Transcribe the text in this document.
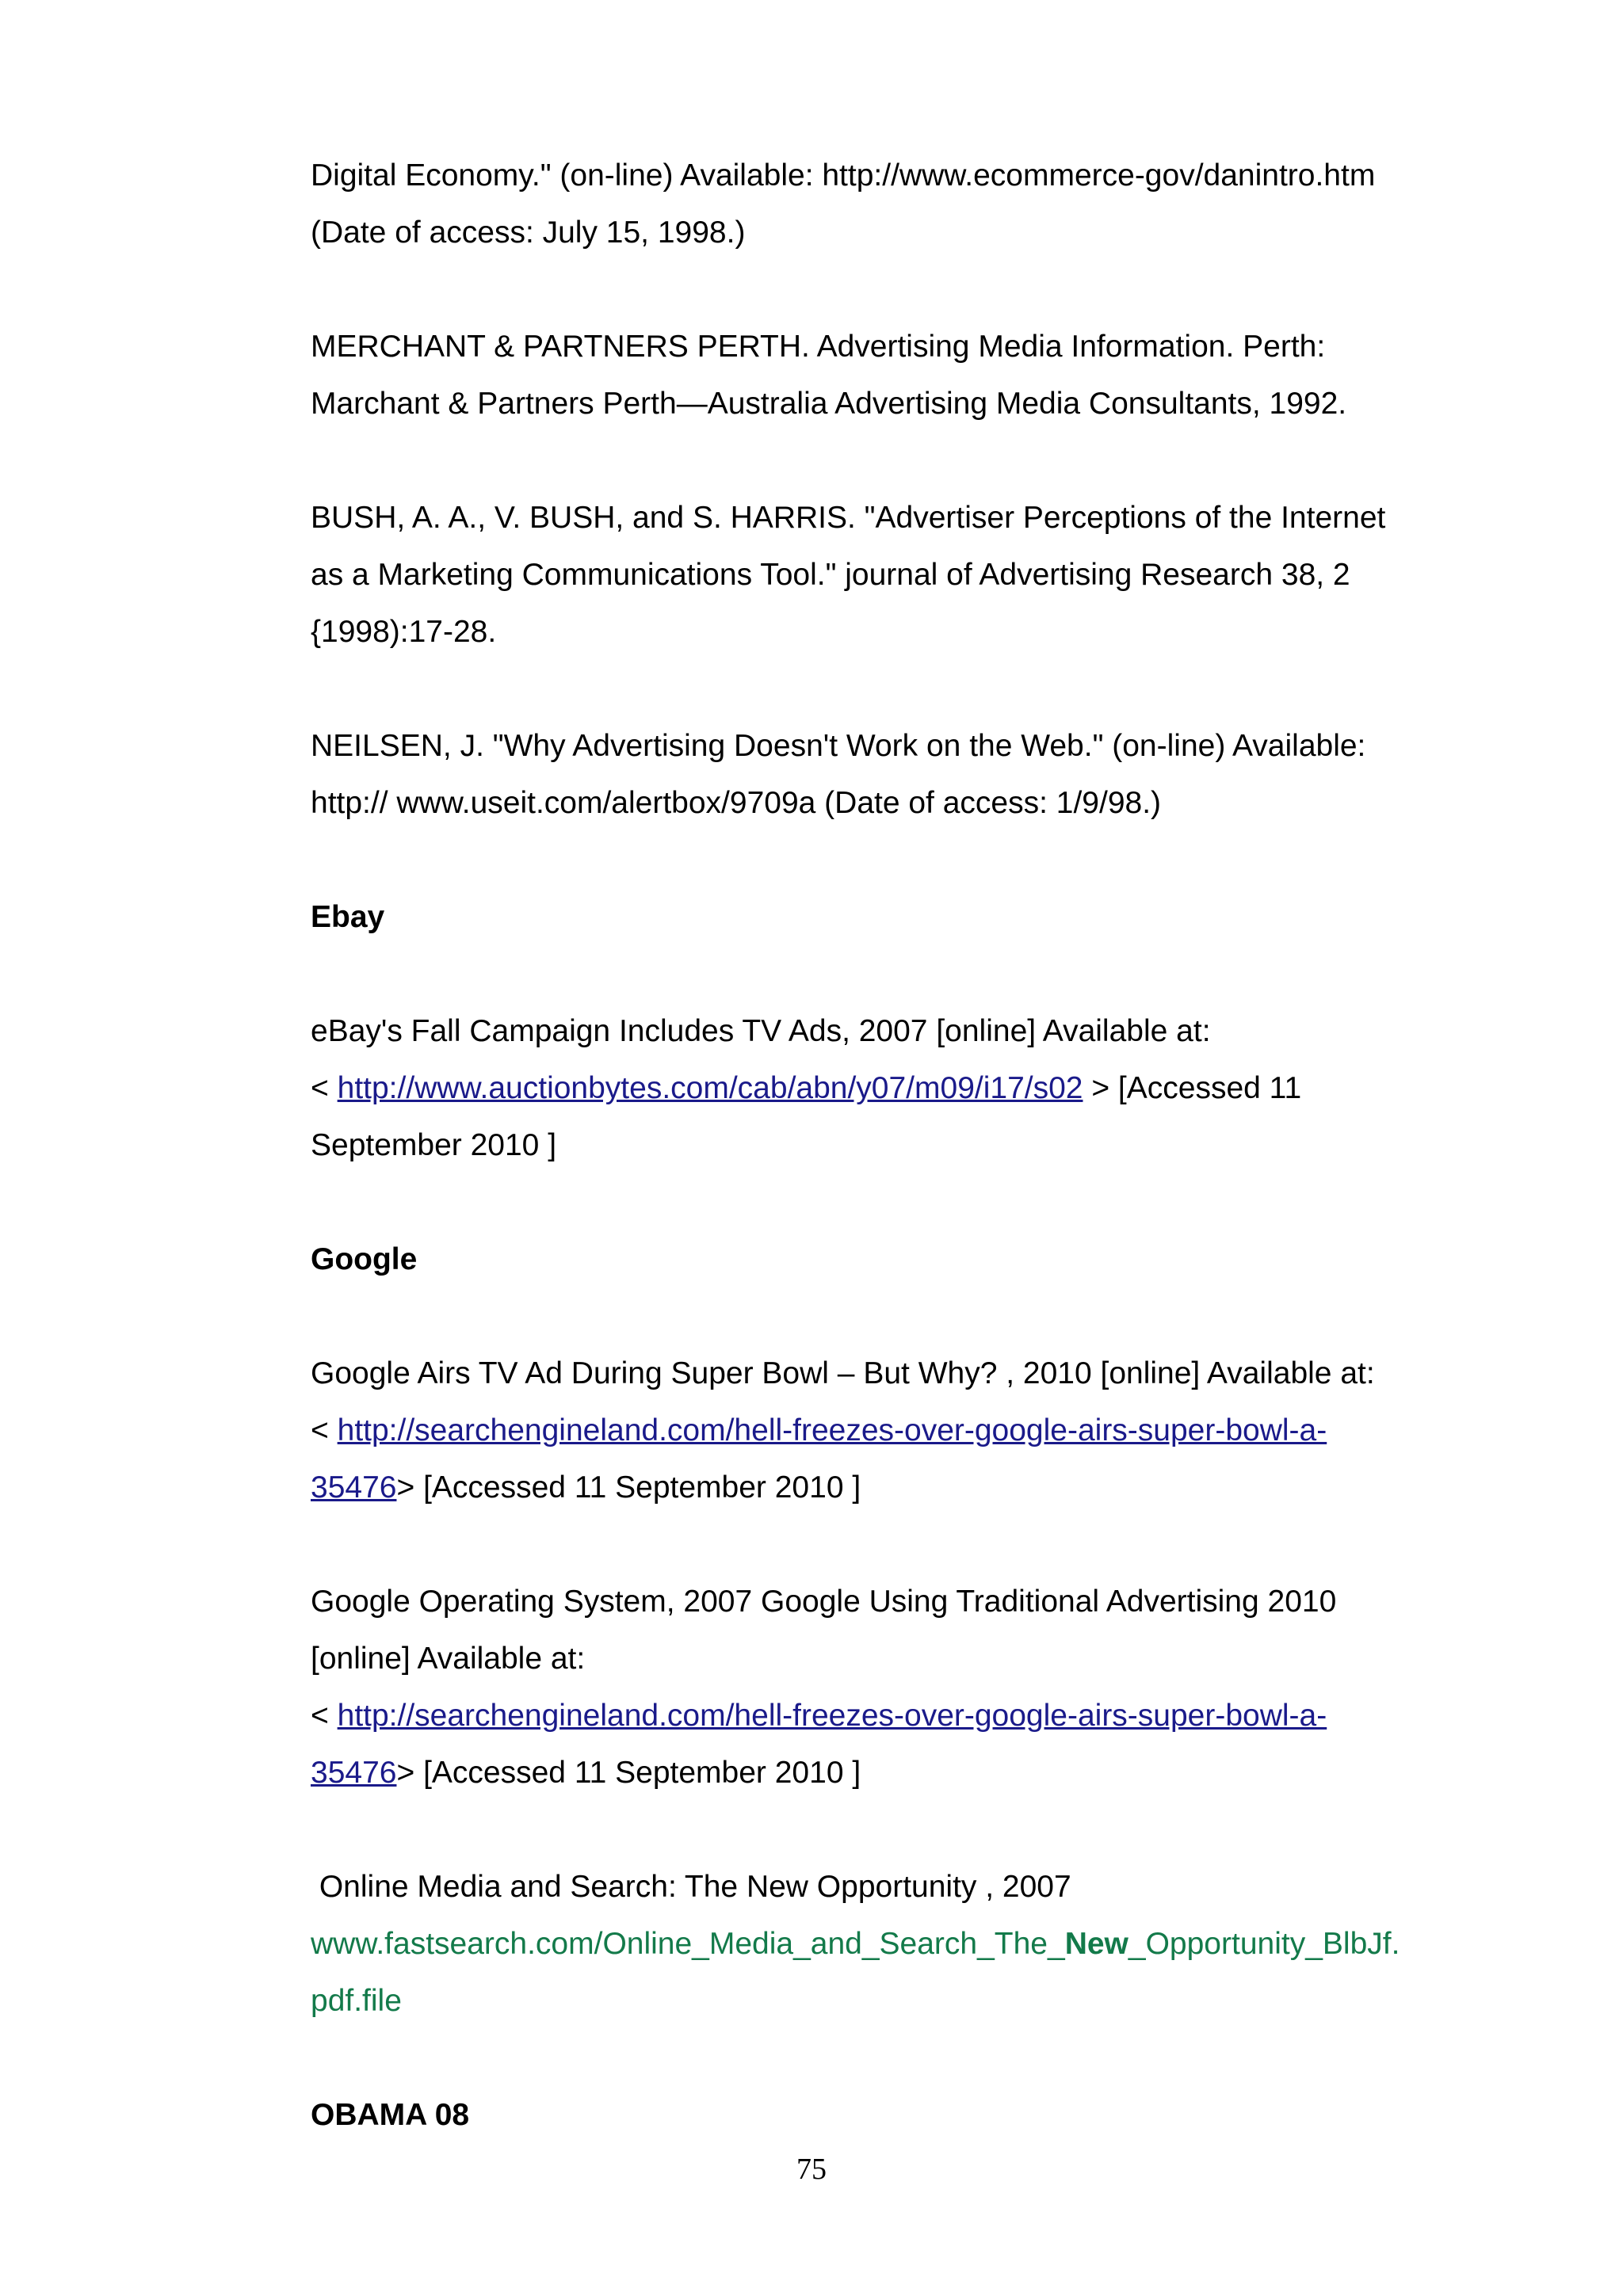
Digital Economy." (on-line) Available: http://www.ecommerce-gov/danintro.htm

(Date of access: July 15, 1998.)

MERCHANT & PARTNERS PERTH. Advertising Media Information. Perth:

Marchant & Partners Perth—Australia Advertising Media Consultants, 1992.

BUSH, A. A., V. BUSH, and S. HARRIS. "Advertiser Perceptions of the Internet

as a Marketing Communications Tool." journal of Advertising Research 38, 2

{1998):17-28.

NEILSEN, J. "Why Advertising Doesn't Work on the Web." (on-line) Available:

http:// www.useit.com/alertbox/9709a (Date of access: 1/9/98.)

Ebay

eBay's Fall Campaign Includes TV Ads, 2007 [online] Available at:

< http://www.auctionbytes.com/cab/abn/y07/m09/i17/s02 > [Accessed 11

September 2010 ]

Google

Google Airs TV Ad During Super Bowl – But Why? , 2010 [online] Available at:

< http://searchengineland.com/hell-freezes-over-google-airs-super-bowl-a-

35476> [Accessed 11 September 2010 ]

Google Operating System, 2007 Google Using Traditional Advertising 2010

[online] Available at:

< http://searchengineland.com/hell-freezes-over-google-airs-super-bowl-a-

35476> [Accessed 11 September 2010 ]

Online Media and Search: The New Opportunity , 2007

www.fastsearch.com/Online_Media_and_Search_The_New_Opportunity_BlbJf.

pdf.file

OBAMA 08

75
